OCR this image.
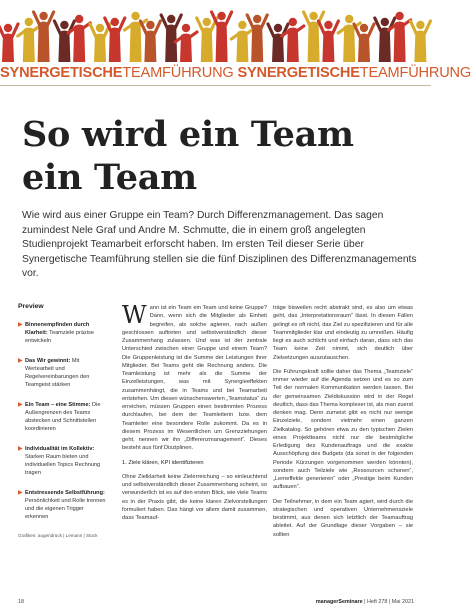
SYNERGETISCHETEAMFÜHRUNG SYNERGETISCHETEAMFÜHRUNG
So wird ein Team ein Team

Wie wird aus einer Gruppe ein Team? Durch Differenzmanagement. Das sagen zumindest Nele Graf und Andre M. Schmutte, die in einem groß angelegten Studienprojekt Teamarbeit erforscht haben. Im ersten Teil dieser Serie über Synergetische Teamführung stellen sie die fünf Disziplinen des Differenzmanagements vor.

Preview
▶ Binnenempfinden durch Klarheit: Teamziele präzise entwickeln
▶ Das Wir gewinnt: Mit Wertearbeit und Regelvereinbarungen den Teamgeist stärken
▶ Ein Team – eine Stimme: Die Außengrenzen des Teams abstecken und Schnittstellen koordinieren
▶ Individualität im Kollektiv: Starken Raum bieten und individuellen Topics Rechnung tragen
▶ Entstressende Selbstführung: Persönlichkeit und Rolle trennen und die eigenen Trigger erkennen
Grafiken: augendrück | Lemann | Stock

Wann ist ein Team ein Team und keine Gruppe? Dann, wenn sich die Mitglieder als Einheit begreifen, als solche agieren, nach außen geschlossen auftreten und selbstverständlich dieser Zusammenhang zulassen. Und was ist der zentrale Unterschied zwischen einer Gruppe und einem Team? Die Gruppenleistung ist die Summe der Leistungen ihrer Mitglieder. Bei Teams geht die Rechnung anders. Die Teamleistung ist mehr als die Summe der Einzelleistungen, was mit Synergieeffekten zusammenhängt, die in Teams und bei Teamarbeit entstehen. Um diesen wünschenswerten „Teamstatus“ zu erreichen, müssen Gruppen einen bestimmten Prozess durchlaufen, bei dem der Teamleiterin bzw. dem Teamleiter eine besondere Rolle zukommt. Da es in diesem Prozess im Wesentlichen um Grenzziehungen geht, nennen wir ihn „Differenzmanagement“. Dieses besteht aus fünf Disziplinen.

1. Ziele klären, KPI identifizieren

Ohne Zielklarheit keine Zielerreichung – so einleuchtend und selbstverständlich dieser Zusammenhang scheint, so verwunderlich ist es auf den ersten Blick, wie viele Teams es in der Praxis gibt, die keine klaren Zielvorstellungen formuliert haben. Das hängt vor allem damit zusammen, dass Teamauf-

träge bisweilen recht abstrakt sind, es also um etwas geht, das „Interpretationsraum“ lässt. In diesen Fällen gelingt es oft nicht, das Ziel zu spezifizieren und für alle Teammitglieder klar und eindeutig zu umreißen. Häufig liegt es auch schlicht und einfach daran, dass sich das Team keine Zeit nimmt, sich deutlich über Zielsetzungen auszutauschen.

Die Führungskraft sollte daher das Thema „Teamziele“ immer wieder auf die Agenda setzen und es so zum Teil der normalen Kommunikation werden lassen. Bei der gemeinsamen Zieldiskussion wird in der Regel deutlich, dass das Thema komplexer ist, als man zuerst denken mag. Denn zumeist gibt es nicht nur wenige Einzelziele, sondern vielmehr einen ganzen Zielkatalog. So gehören etwa zu den typischen Zielen eines Projektteams nicht nur die bestmögliche Erledigung des Kundenauftrags und die exakte Ausschöpfung des Budgets (da sonst in der folgenden Periode Kürzungen vorgenommen werden könnten), sondern auch Teilziele wie „Ressourcen schonen“, „Lerneffekte generieren“ oder „Prestige beim Kunden aufbauen“.

Der Teilnehmer, in dem ein Team agiert, wird durch die strategischen und operativen Unternehmensziele bestimmt, aus denen sich letztlich der Teamauftrag ableitet. Auf der Grundlage dieser Vorgaben – sie sollten

18	managerSeminare | Heft 278 | Mai 2021
